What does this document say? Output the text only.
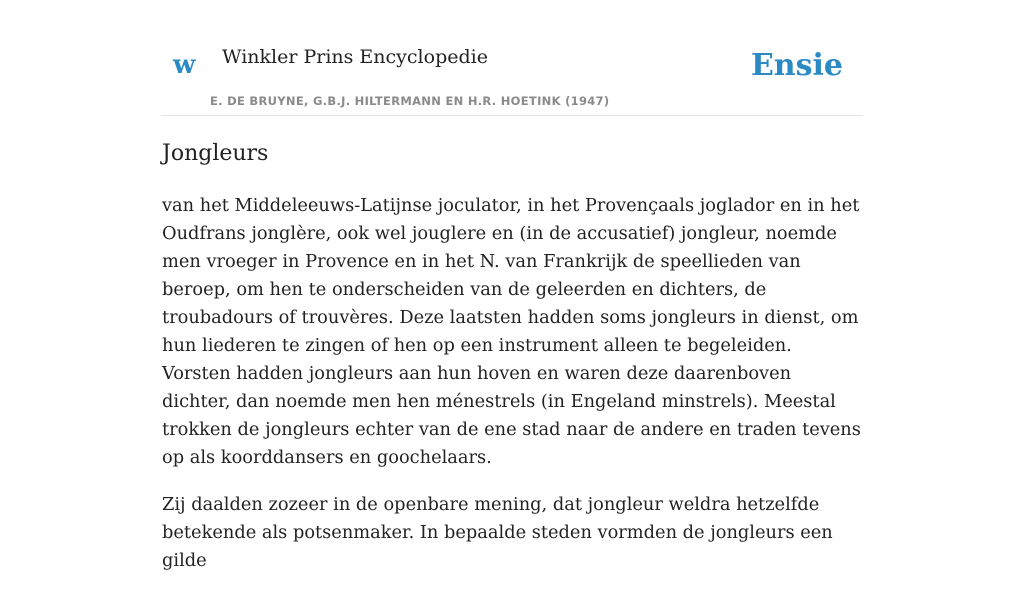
w Winkler Prins Encyclopedie
E. DE BRUYNE, G.B.J. HILTERMANN EN H.R. HOETINK (1947)
Ensie
Jongleurs

van het Middeleeuws-Latijnse joculator, in het Provençaals joglador en in het Oudfrans jonglère, ook wel jouglere en (in de accusatief) jongleur, noemde men vroeger in Provence en in het N. van Frankrijk de speellieden van beroep, om hen te onderscheiden van de geleerden en dichters, de troubadours of trouvères. Deze laatsten hadden soms jongleurs in dienst, om hun liederen te zingen of hen op een instrument alleen te begeleiden. Vorsten hadden jongleurs aan hun hoven en waren deze daarenboven dichter, dan noemde men hen ménestrels (in Engeland minstrels). Meestal trokken de jongleurs echter van de ene stad naar de andere en traden tevens op als koorddansers en goochelaars.

Zij daalden zozeer in de openbare mening, dat jongleur weldra hetzelfde betekende als potsenmaker. In bepaalde steden vormden de jongleurs een gilde
